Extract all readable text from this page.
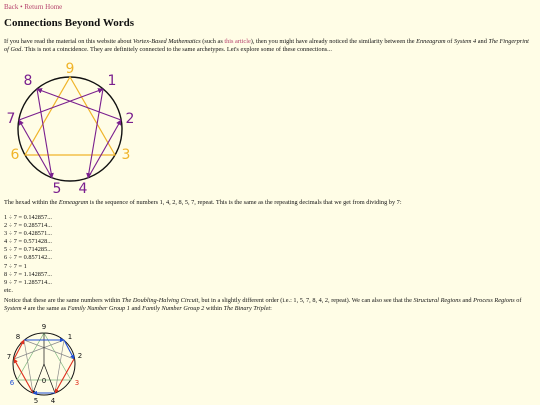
Back • Return Home
Connections Beyond Words

If you have read the material on this website about Vortex-Based Mathematics (such as this article), then you might have already noticed the similarity between the Enneagram of System 4 and The Fingerprint of God. This is not a coincidence. They are definitely connected to the same archetypes. Let's explore some of these connections...

9
1
2
3
4
5
6
7
8

The hexad within the Enneagram is the sequence of numbers 1, 4, 2, 8, 5, 7, repeat. This is the same as the repeating decimals that we get from dividing by 7:

1 ÷ 7 = 0.142857...
2 ÷ 7 = 0.285714...
3 ÷ 7 = 0.428571...
4 ÷ 7 = 0.571428...
5 ÷ 7 = 0.714285...
6 ÷ 7 = 0.857142...
7 ÷ 7 = 1
8 ÷ 7 = 1.142857...
9 ÷ 7 = 1.285714...
etc.

Notice that these are the same numbers within The Doubling-Halving Circuit, but in a slightly different order (i.e.: 1, 5, 7, 8, 4, 2, repeat). We can also see that the Structural Regions and Process Regions of System 4 are the same as Family Number Group 1 and Family Number Group 2 within The Binary Triplet:

9
1
2
3
4
5
6
7
8
0
